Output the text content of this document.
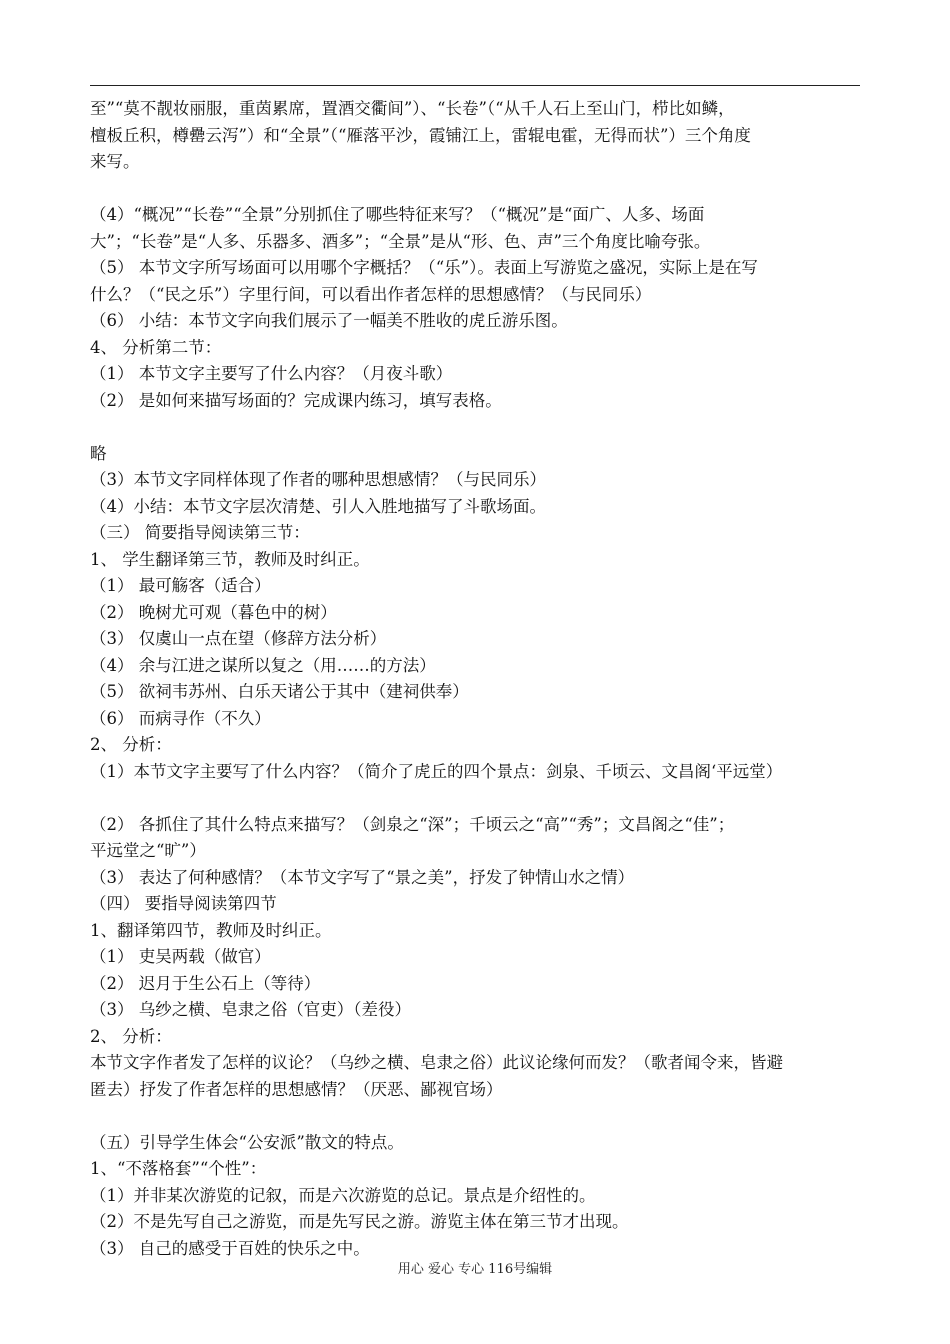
至”“莫不靓妆丽服，重茵累席，置酒交衢间”）、“长卷”（“从千人石上至山门，栉比如鳞，
檀板丘积，樽罍云泻”）和“全景”（“雁落平沙，霞铺江上，雷辊电霍，无得而状”）三个角度
来写。
（4）“概况”“长卷”“全景”分别抓住了哪些特征来写？（“概况”是“面广、人多、场面
大”；“长卷”是“人多、乐器多、酒多”；“全景”是从“形、色、声”三个角度比喻夸张。
（5） 本节文字所写场面可以用哪个字概括？（“乐”）。表面上写游览之盛况，实际上是在写
什么？（“民之乐”）字里行间，可以看出作者怎样的思想感情？（与民同乐）
（6） 小结：本节文字向我们展示了一幅美不胜收的虎丘游乐图。
4、 分析第二节：
（1） 本节文字主要写了什么内容？（月夜斗歌）
（2） 是如何来描写场面的？完成课内练习，填写表格。
略
（3）本节文字同样体现了作者的哪种思想感情？（与民同乐）
（4）小结：本节文字层次清楚、引人入胜地描写了斗歌场面。
（三） 简要指导阅读第三节：
1、 学生翻译第三节，教师及时纠正。
（1） 最可觞客（适合）
（2） 晚树尤可观（暮色中的树）
（3） 仅虞山一点在望（修辞方法分析）
（4） 余与江进之谋所以复之（用……的方法）
（5） 欲祠韦苏州、白乐天诸公于其中（建祠供奉）
（6） 而病寻作（不久）
2、 分析：
（1）本节文字主要写了什么内容？（简介了虎丘的四个景点：剑泉、千顷云、文昌阁‘平远堂）
（2） 各抓住了其什么特点来描写？（剑泉之“深”；千顷云之“高”“秀”；文昌阁之“佳”；
平远堂之“旷”）
（3） 表达了何种感情？（本节文字写了“景之美”，抒发了钟情山水之情）
（四） 要指导阅读第四节
1、翻译第四节，教师及时纠正。
（1） 吏吴两载（做官）
（2） 迟月于生公石上（等待）
（3） 乌纱之横、皂隶之俗（官吏）（差役）
2、 分析：
本节文字作者发了怎样的议论？（乌纱之横、皂隶之俗）此议论缘何而发？（歌者闻令来，皆避
匿去）抒发了作者怎样的思想感情？（厌恶、鄙视官场）
（五）引导学生体会“公安派”散文的特点。
1、“不落格套”“个性”：
（1）并非某次游览的记叙，而是六次游览的总记。景点是介绍性的。
（2）不是先写自己之游览，而是先写民之游。游览主体在第三节才出现。
（3） 自己的感受于百姓的快乐之中。
用心 爱心 专心 116号编辑
